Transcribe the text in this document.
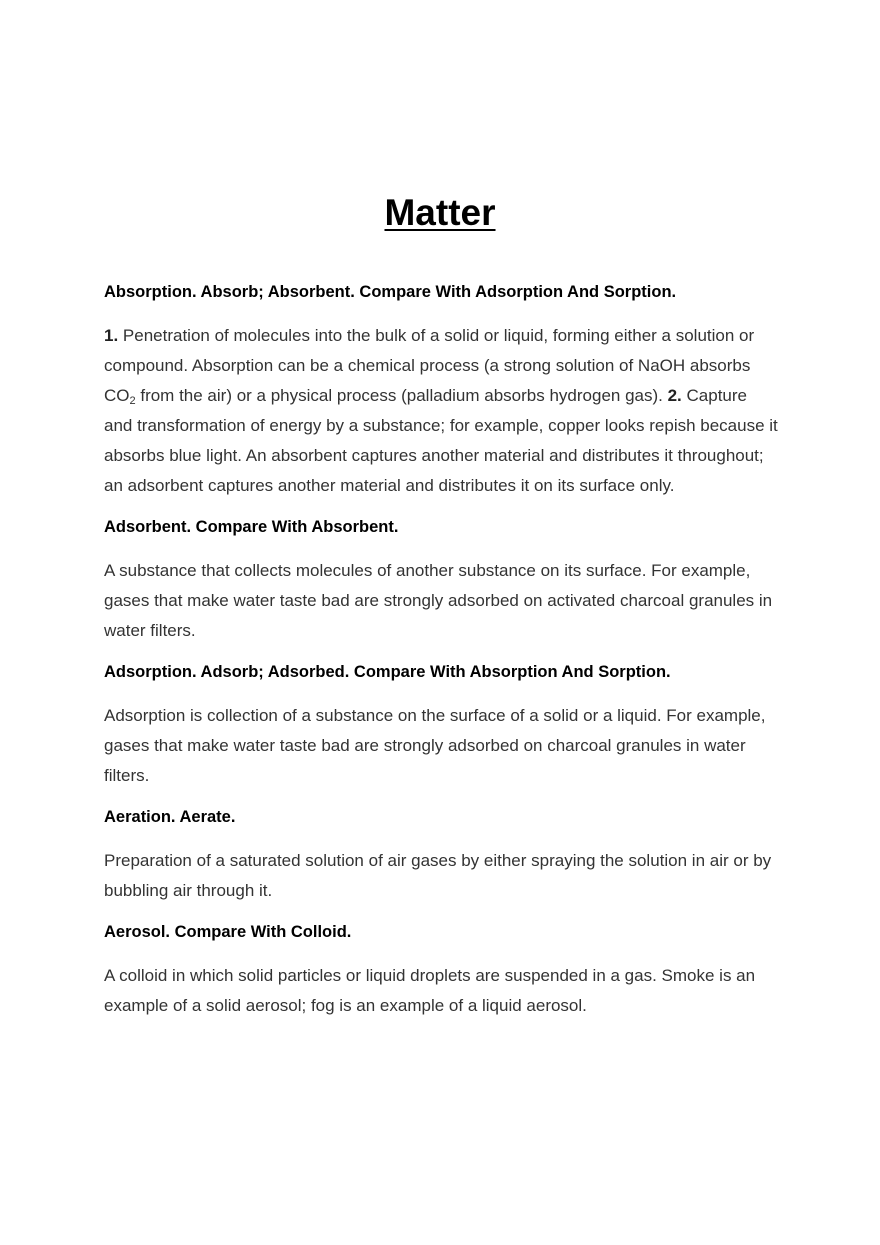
Matter

Absorption. Absorb; Absorbent. Compare With Adsorption And Sorption.

1. Penetration of molecules into the bulk of a solid or liquid, forming either a solution or compound. Absorption can be a chemical process (a strong solution of NaOH absorbs $CO_2$ from the air) or a physical process (palladium absorbs hydrogen gas). 2. Capture and transformation of energy by a substance; for example, copper looks repish because it absorbs blue light. An absorbent captures another material and distributes it throughout; an adsorbent captures another material and distributes it on its surface only.

Adsorbent. Compare With Absorbent.

A substance that collects molecules of another substance on its surface. For example, gases that make water taste bad are strongly adsorbed on activated charcoal granules in water filters.

Adsorption. Adsorb; Adsorbed. Compare With Absorption And Sorption.

Adsorption is collection of a substance on the surface of a solid or a liquid. For example, gases that make water taste bad are strongly adsorbed on charcoal granules in water filters.

Aeration. Aerate.

Preparation of a saturated solution of air gases by either spraying the solution in air or by bubbling air through it.

Aerosol. Compare With Colloid.

A colloid in which solid particles or liquid droplets are suspended in a gas. Smoke is an example of a solid aerosol; fog is an example of a liquid aerosol.
